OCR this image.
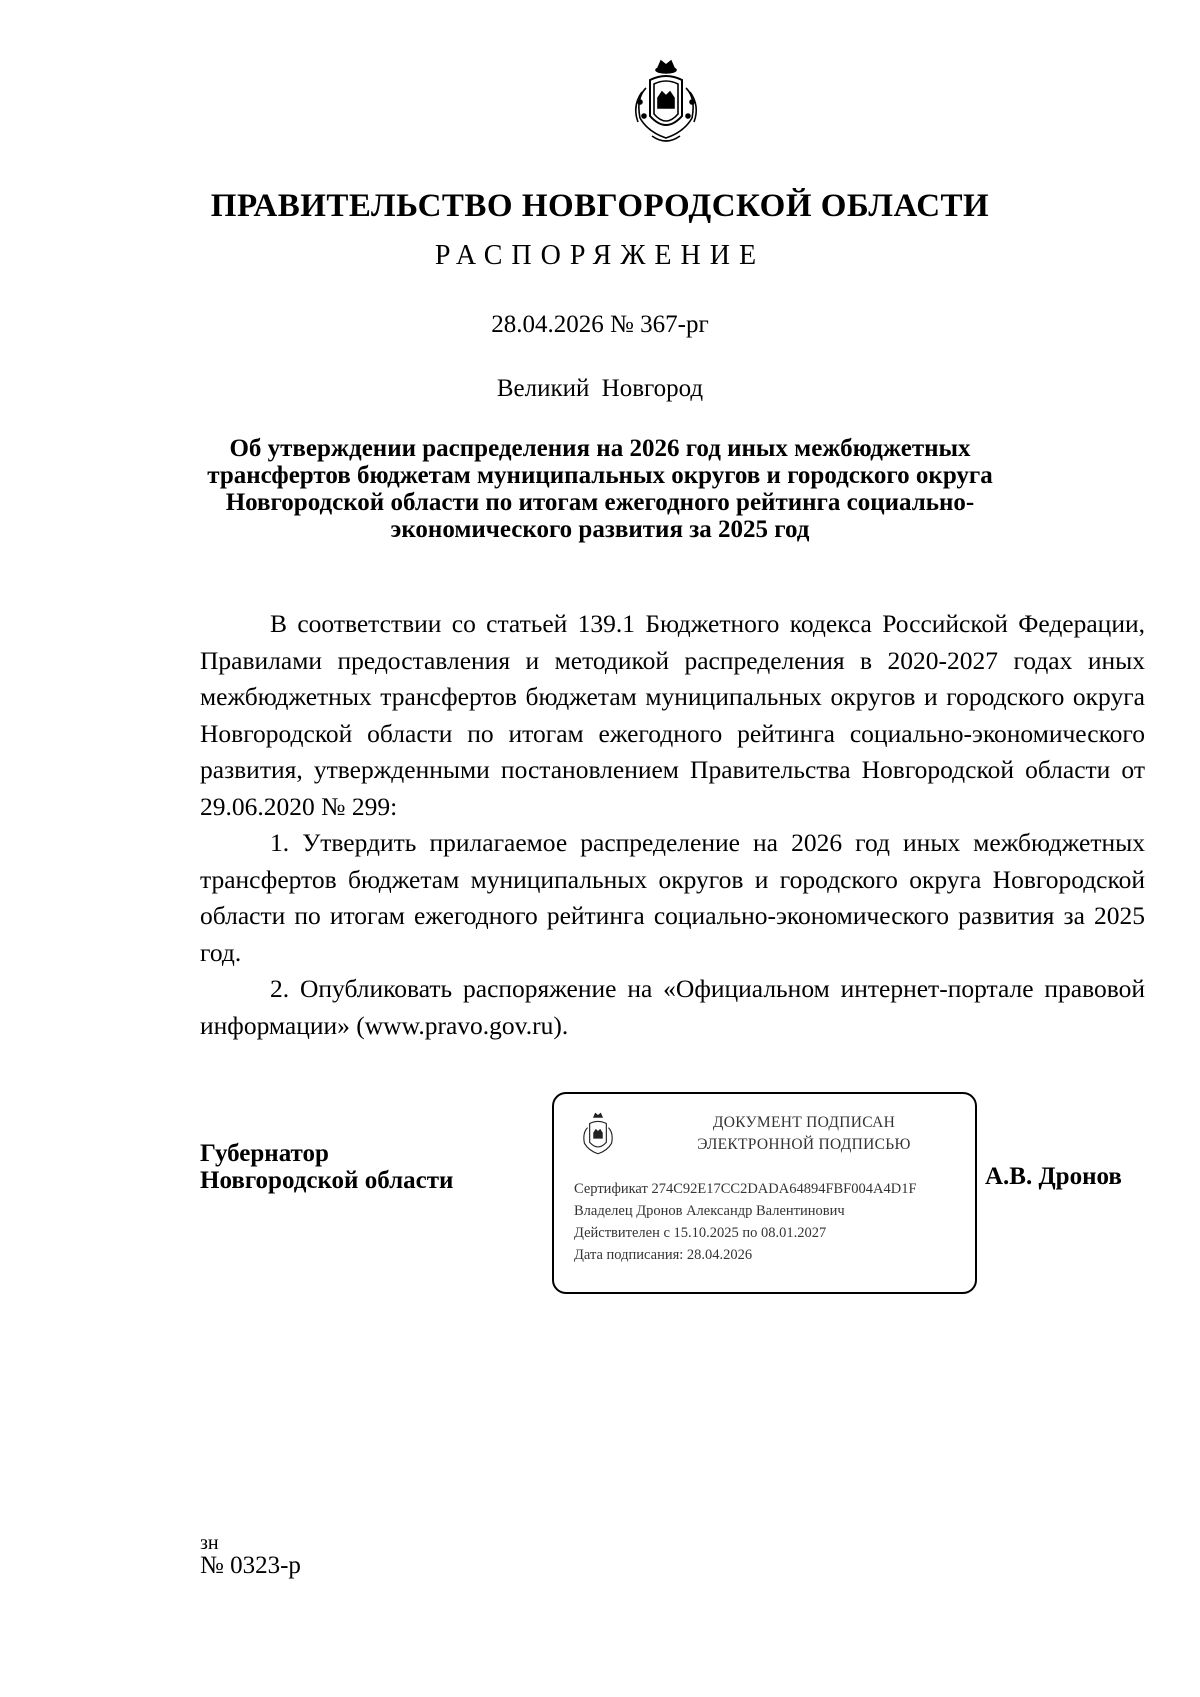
ПРАВИТЕЛЬСТВО НОВГОРОДСКОЙ ОБЛАСТИ
РАСПОРЯЖЕНИЕ
28.04.2026 № 367-рг
Великий Новгород
Об утверждении распределения на 2026 год иных межбюджетных
трансфертов бюджетам муниципальных округов и городского округа
Новгородской области по итогам ежегодного рейтинга социально-
экономического развития за 2025 год

В соответствии со статьей 139.1 Бюджетного кодекса Российской Федерации, Правилами предоставления и методикой распределения в 2020-2027 годах иных межбюджетных трансфертов бюджетам муниципальных округов и городского округа Новгородской области по итогам ежегодного рейтинга социально-экономического развития, утвержденными постановлением Правительства Новгородской области от 29.06.2020 № 299:

1. Утвердить прилагаемое распределение на 2026 год иных межбюджетных трансфертов бюджетам муниципальных округов и городского округа Новгородской области по итогам ежегодного рейтинга социально-экономического развития за 2025 год.

2. Опубликовать распоряжение на «Официальном интернет-портале правовой информации» (www.pravo.gov.ru).

Губернатор
Новгородской области
ДОКУМЕНТ ПОДПИСАН
ЭЛЕКТРОННОЙ ПОДПИСЬЮ
Сертификат 274C92E17CC2DADA64894FBF004A4D1F
Владелец Дронов Александр Валентинович
Действителен с 15.10.2025 по 08.01.2027
Дата подписания: 28.04.2026
А.В. Дронов
зн
№ 0323-р
